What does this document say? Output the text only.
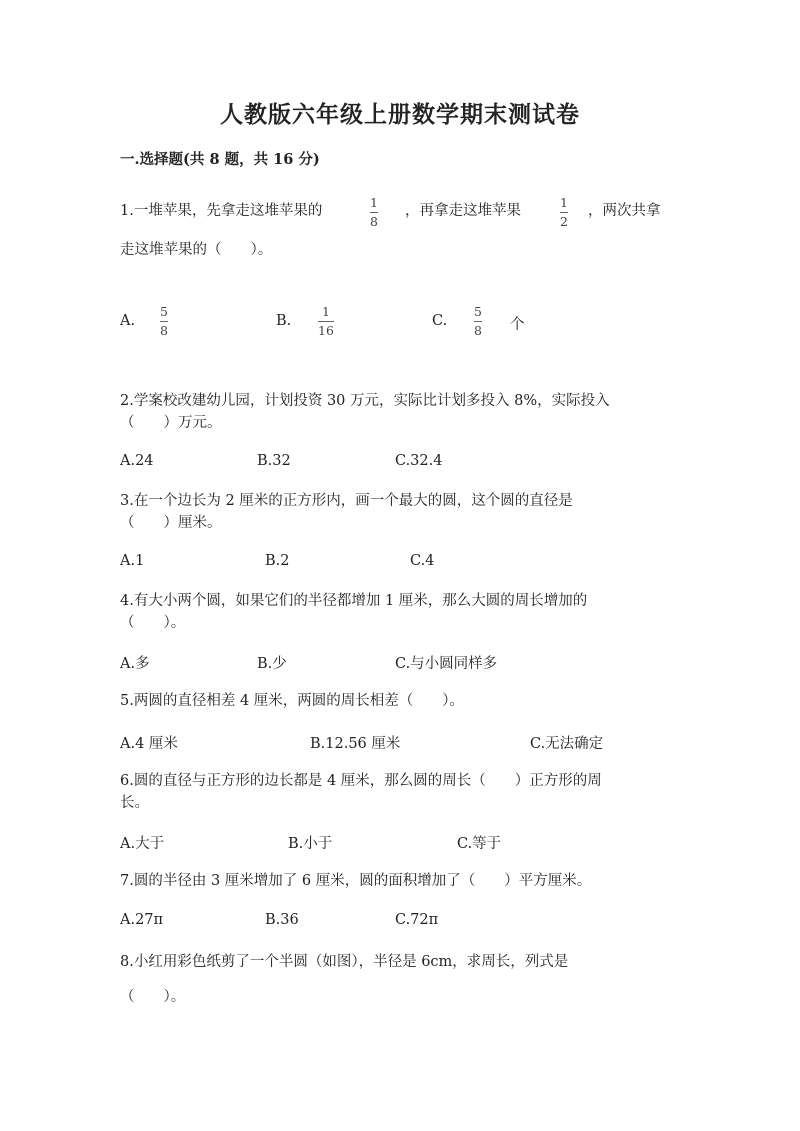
人教版六年级上册数学期末测试卷
一.选择题(共 8 题，共 16 分)
1.一堆苹果，先拿走这堆苹果的
1
8
，再拿走这堆苹果
1
2
，两次共拿
走这堆苹果的（　　）。
A.
5
8
B.
1
16
C.
5
8 个
2.学案校改建幼儿园，计划投资 30 万元，实际比计划多投入 8%，实际投入
（　　）万元。
A.24	B.32	C.32.4
3.在一个边长为 2 厘米的正方形内，画一个最大的圆，这个圆的直径是
（　　）厘米。
A.1	B.2	C.4
4.有大小两个圆，如果它们的半径都增加 1 厘米，那么大圆的周长增加的
（　　）。
A.多	B.少	C.与小圆同样多
5.两圆的直径相差 4 厘米，两圆的周长相差（　　）。
A.4 厘米	B.12.56 厘米	C.无法确定
6.圆的直径与正方形的边长都是 4 厘米，那么圆的周长（　　）正方形的周
长。
A.大于	B.小于	C.等于
7.圆的半径由 3 厘米增加了 6 厘米，圆的面积增加了（　　）平方厘米。
A.27π	B.36	C.72π
8.小红用彩色纸剪了一个半圆（如图），半径是 6cm，求周长，列式是
（　　）。
